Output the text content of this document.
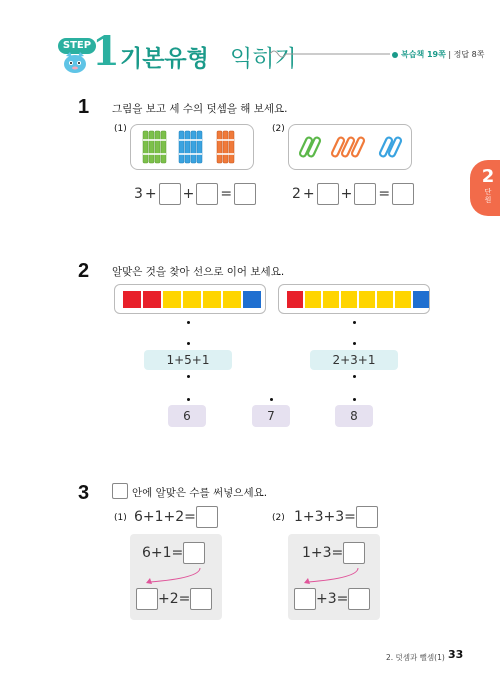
STEP 1 기본유형 익히기	복습책 19쪽 | 정답 8쪽
2
단
원
1 그림을 보고 세 수의 덧셈을 해 보세요.
(1)	(2)
3 + + =	2 + + =
2 알맞은 것을 찾아 선으로 이어 보세요.
1+5+1	2+3+1
6	7	8
3	안에 알맞은 수를 써넣으세요.
(1) 6+1+2=	(2) 1+3+3=
6+1=
+2=
1+3=
+3=
2. 덧셈과 뺄셈(1) 33
